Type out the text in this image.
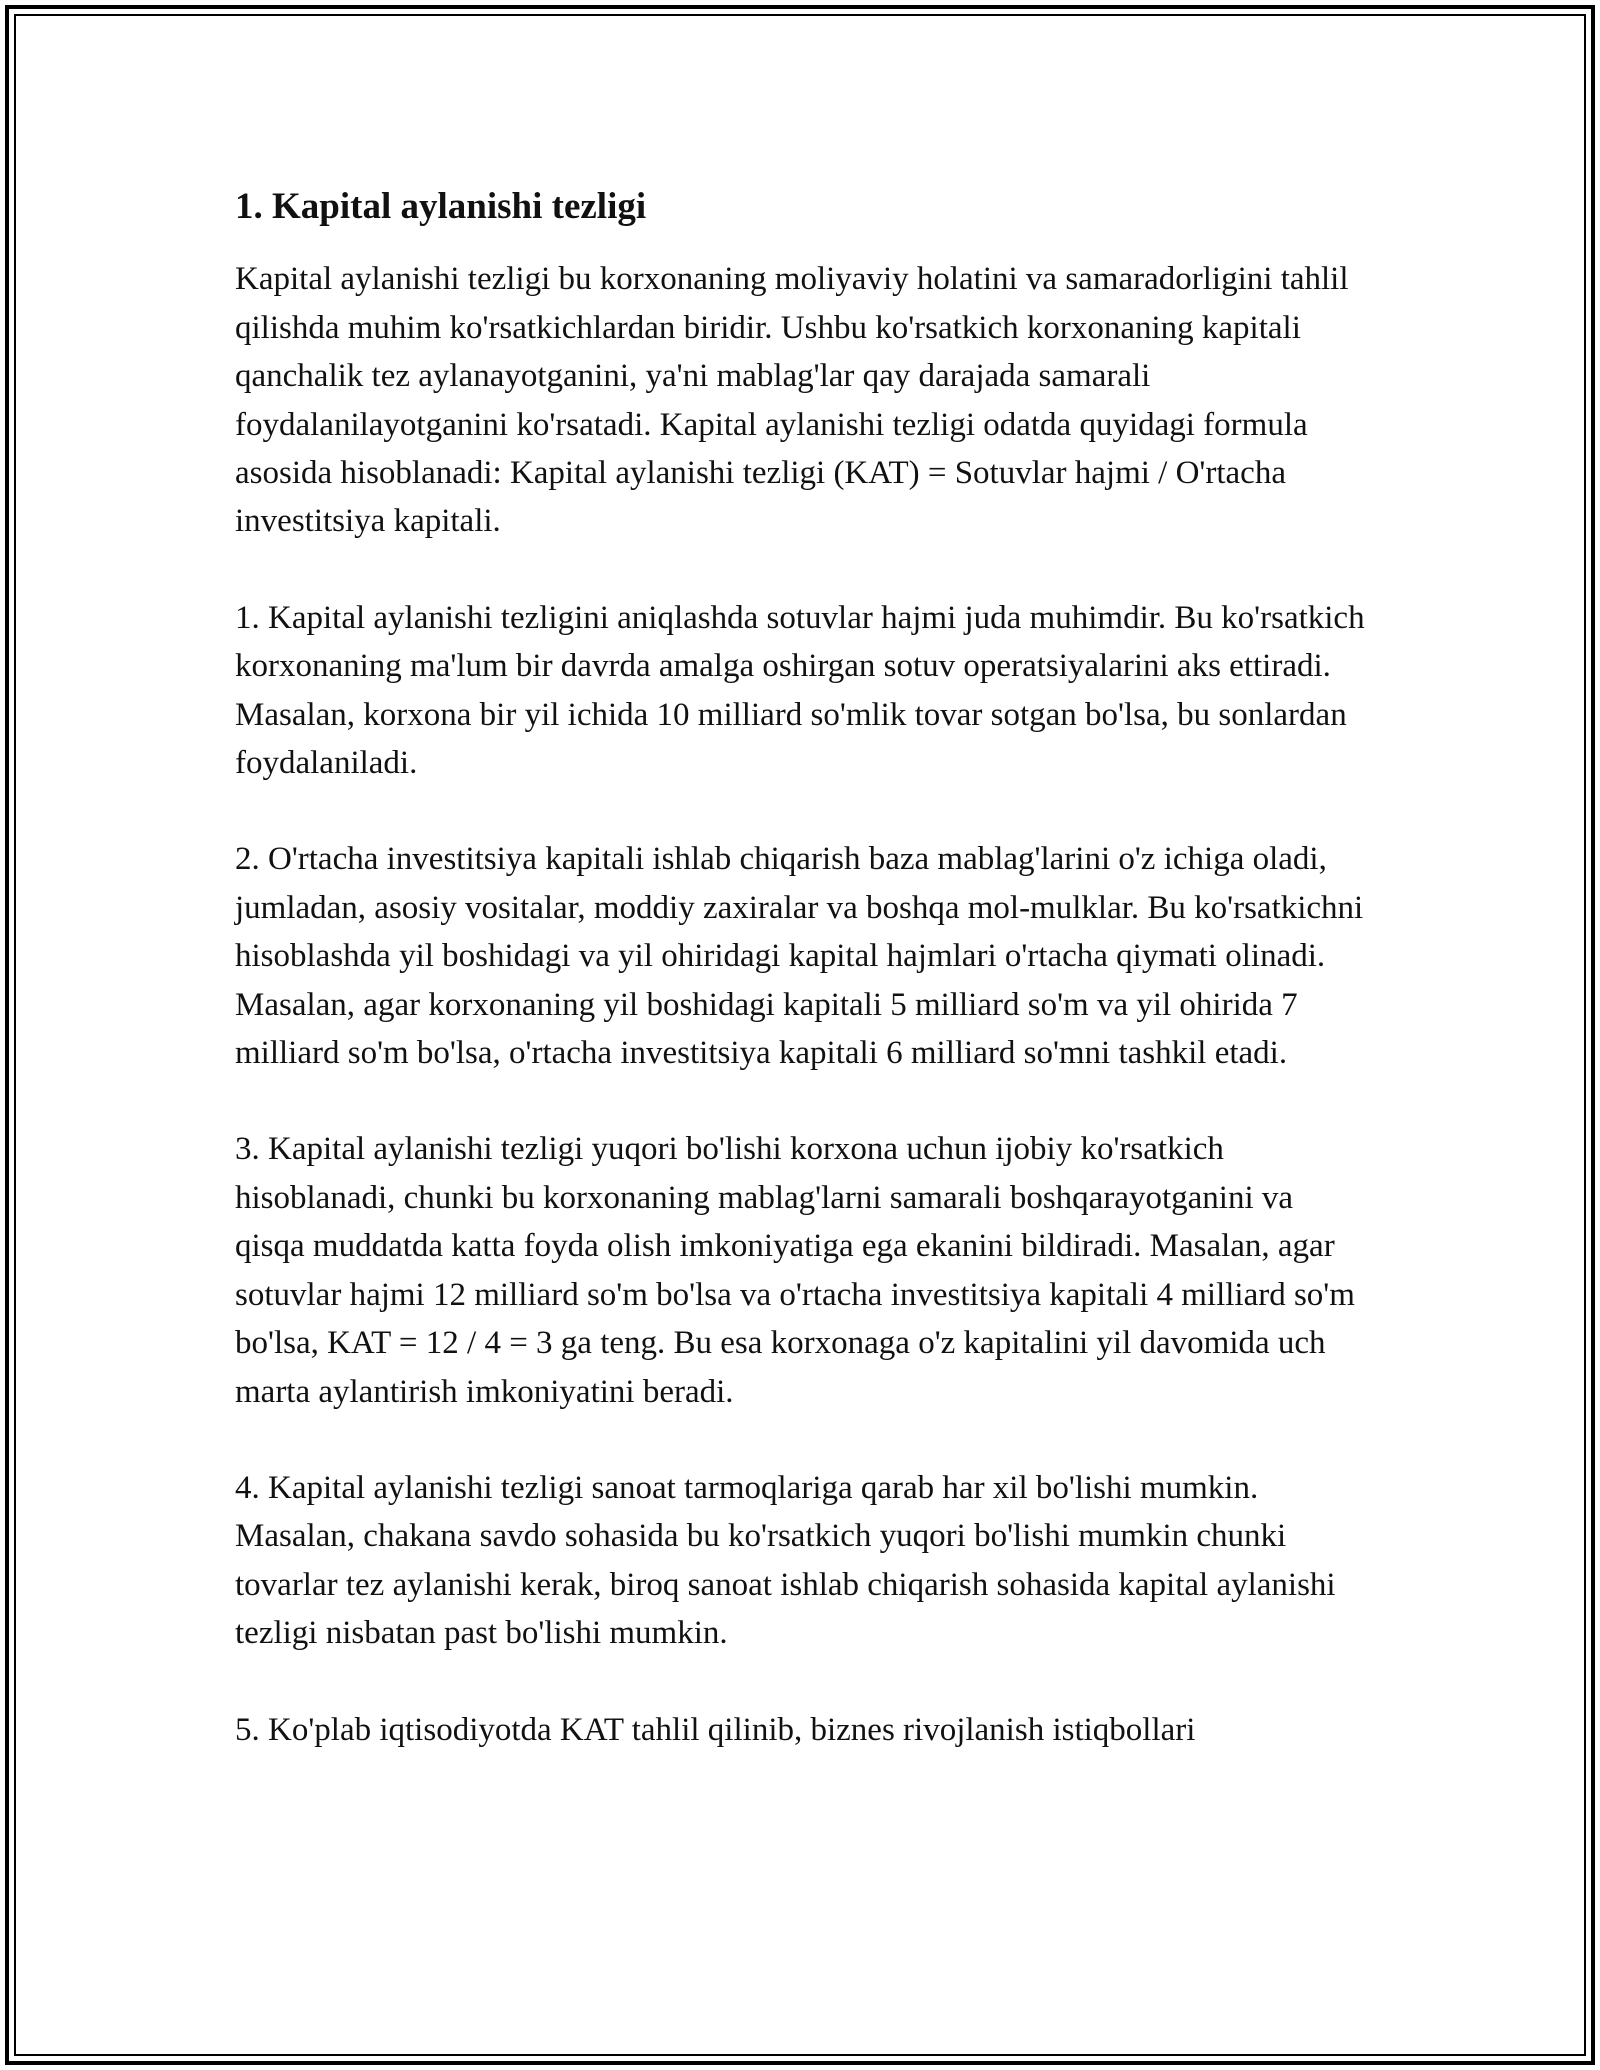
1. Kapital aylanishi tezligi

Kapital aylanishi tezligi bu korxonaning moliyaviy holatini va samaradorligini tahlil qilishda muhim ko'rsatkichlardan biridir. Ushbu ko'rsatkich korxonaning kapitali qanchalik tez aylanayotganini, ya'ni mablag'lar qay darajada samarali foydalanilayotganini ko'rsatadi. Kapital aylanishi tezligi odatda quyidagi formula asosida hisoblanadi: Kapital aylanishi tezligi (KAT) = Sotuvlar hajmi / O'rtacha investitsiya kapitali.

1. Kapital aylanishi tezligini aniqlashda sotuvlar hajmi juda muhimdir. Bu ko'rsatkich korxonaning ma'lum bir davrda amalga oshirgan sotuv operatsiyalarini aks ettiradi. Masalan, korxona bir yil ichida 10 milliard so'mlik tovar sotgan bo'lsa, bu sonlardan foydalaniladi.

2. O'rtacha investitsiya kapitali ishlab chiqarish baza mablag'larini o'z ichiga oladi, jumladan, asosiy vositalar, moddiy zaxiralar va boshqa mol-mulklar. Bu ko'rsatkichni hisoblashda yil boshidagi va yil ohiridagi kapital hajmlari o'rtacha qiymati olinadi. Masalan, agar korxonaning yil boshidagi kapitali 5 milliard so'm va yil ohirida 7 milliard so'm bo'lsa, o'rtacha investitsiya kapitali 6 milliard so'mni tashkil etadi.

3. Kapital aylanishi tezligi yuqori bo'lishi korxona uchun ijobiy ko'rsatkich hisoblanadi, chunki bu korxonaning mablag'larni samarali boshqarayotganini va qisqa muddatda katta foyda olish imkoniyatiga ega ekanini bildiradi. Masalan, agar sotuvlar hajmi 12 milliard so'm bo'lsa va o'rtacha investitsiya kapitali 4 milliard so'm bo'lsa, KAT = 12 / 4 = 3 ga teng. Bu esa korxonaga o'z kapitalini yil davomida uch marta aylantirish imkoniyatini beradi.

4. Kapital aylanishi tezligi sanoat tarmoqlariga qarab har xil bo'lishi mumkin. Masalan, chakana savdo sohasida bu ko'rsatkich yuqori bo'lishi mumkin chunki tovarlar tez aylanishi kerak, biroq sanoat ishlab chiqarish sohasida kapital aylanishi tezligi nisbatan past bo'lishi mumkin.

5. Ko'plab iqtisodiyotda KAT tahlil qilinib, biznes rivojlanish istiqbollari
